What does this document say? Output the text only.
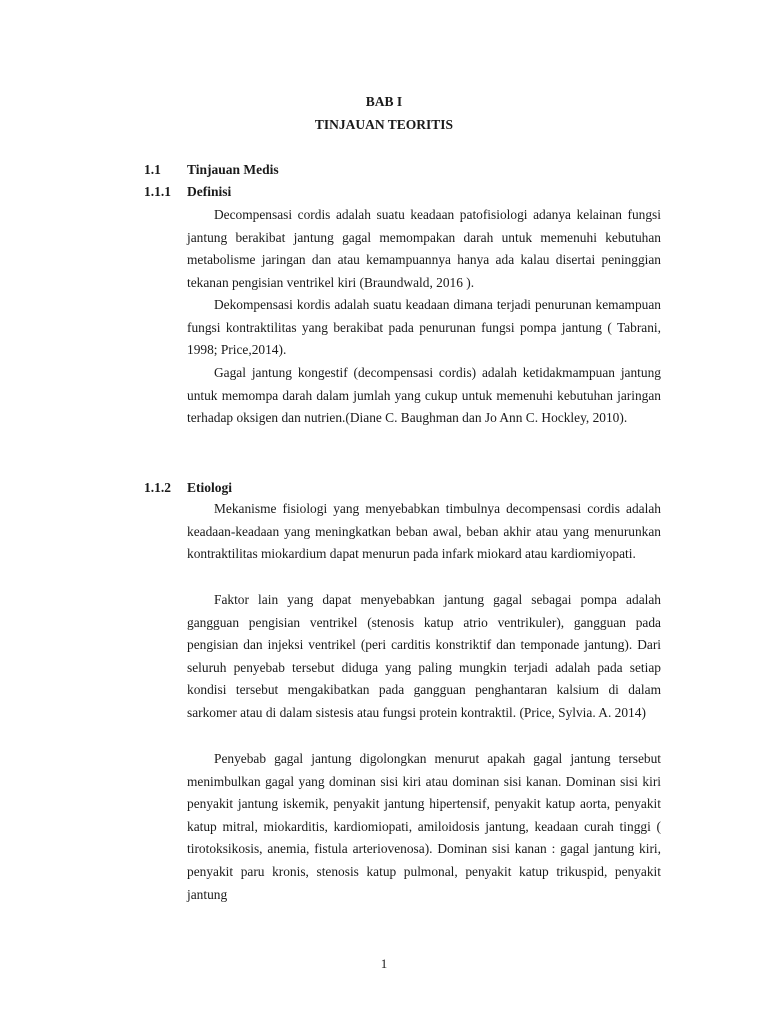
BAB I

TINJAUAN TEORITIS

1.1 Tinjauan Medis

1.1.1 Definisi

Decompensasi cordis adalah suatu keadaan patofisiologi adanya kelainan fungsi jantung berakibat jantung gagal memompakan darah untuk memenuhi kebutuhan metabolisme jaringan dan atau kemampuannya hanya ada kalau disertai peninggian tekanan pengisian ventrikel kiri (Braundwald, 2016 ).

Dekompensasi kordis adalah suatu keadaan dimana terjadi penurunan kemampuan fungsi kontraktilitas yang berakibat pada penurunan fungsi pompa jantung ( Tabrani, 1998; Price,2014).

Gagal jantung kongestif (decompensasi cordis) adalah ketidakmampuan jantung untuk memompa darah dalam jumlah yang cukup untuk memenuhi kebutuhan jaringan terhadap oksigen dan nutrien.(Diane C. Baughman dan Jo Ann C. Hockley, 2010).

1.1.2 Etiologi

Mekanisme fisiologi yang menyebabkan timbulnya decompensasi cordis adalah keadaan-keadaan yang meningkatkan beban awal, beban akhir atau yang menurunkan kontraktilitas miokardium dapat menurun pada infark miokard atau kardiomiyopati.

Faktor lain yang dapat menyebabkan jantung gagal sebagai pompa adalah gangguan pengisian ventrikel (stenosis katup atrio ventrikuler), gangguan pada pengisian dan injeksi ventrikel (peri carditis konstriktif dan temponade jantung). Dari seluruh penyebab tersebut diduga yang paling mungkin terjadi adalah pada setiap kondisi tersebut mengakibatkan pada gangguan penghantaran kalsium di dalam sarkomer atau di dalam sistesis atau fungsi protein kontraktil. (Price, Sylvia. A. 2014)

Penyebab gagal jantung digolongkan menurut apakah gagal jantung tersebut menimbulkan gagal yang dominan sisi kiri atau dominan sisi kanan. Dominan sisi kiri penyakit jantung iskemik, penyakit jantung hipertensif, penyakit katup aorta, penyakit katup mitral, miokarditis, kardiomiopati, amiloidosis jantung, keadaan curah tinggi ( tirotoksikosis, anemia, fistula arteriovenosa). Dominan sisi kanan : gagal jantung kiri, penyakit paru kronis, stenosis katup pulmonal, penyakit katup trikuspid, penyakit jantung

1
